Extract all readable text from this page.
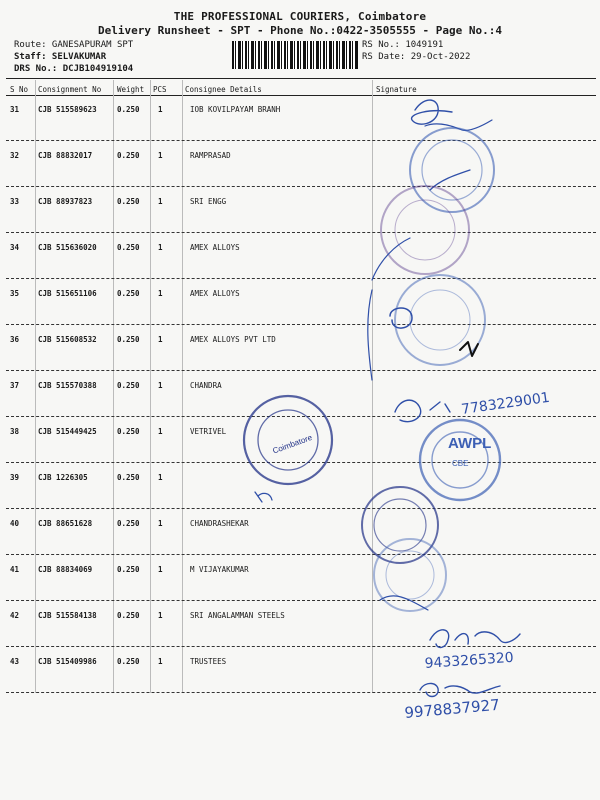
THE PROFESSIONAL COURIERS, Coimbatore
Delivery Runsheet - SPT - Phone No.:0422-3505555 - Page No.:4
Route: GANESAPURAM SPT
Staff: SELVAKUMAR
DRS No.: DCJB104919104
RS No.: 1049191
RS Date: 29-Oct-2022
S No Consignment No Weight PCS Consignee Details	Signature
31	CJB 515589623	0.250 1	IOB KOVILPAYAM BRANH
32	CJB 88832017	0.250 1	RAMPRASAD
33	CJB 88937823	0.250 1	SRI ENGG
34	CJB 515636020	0.250 1	AMEX ALLOYS
35	CJB 515651106	0.250 1	AMEX ALLOYS
36	CJB 515608532	0.250 1	AMEX ALLOYS PVT LTD
37	CJB 515570388	0.250 1	CHANDRA
38	CJB 515449425	0.250 1	VETRIVEL
39	CJB 1226305	0.250 1
40	CJB 88651628	0.250 1	CHANDRASHEKAR
41	CJB 88834069	0.250 1	M VIJAYAKUMAR
42	CJB 515584138	0.250 1	SRI ANGALAMMAN STEELS
43	CJB 515409986	0.250 1	TRUSTEES
7783229001
9433265320
9978837927
AWPL
CBE
Coimbatore
